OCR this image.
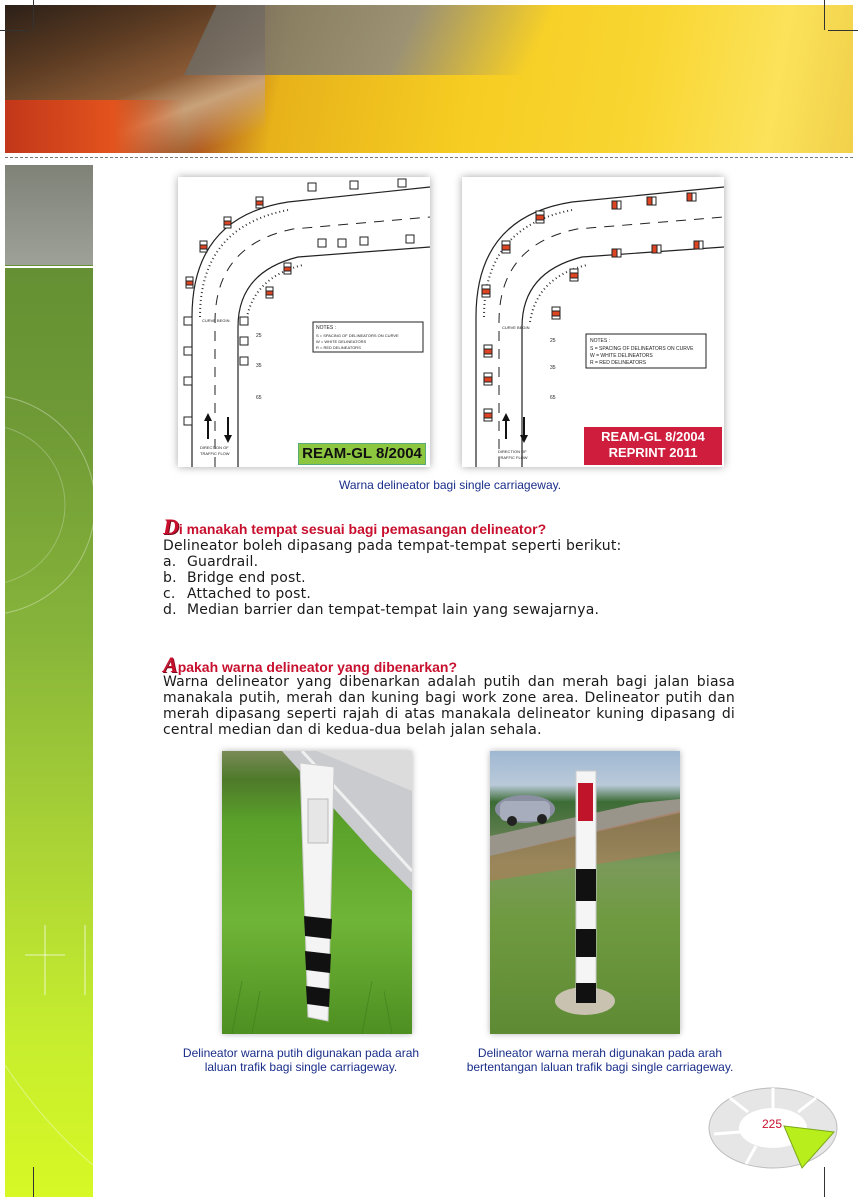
NOTES :
S = SPACING OF DELINEATORS ON CURVE
W = WHITE DELINEATORS
R = RED DELINEATORS
CURVE BEGIN
DIRECTION OF
TRAFFIC FLOW
25
35
65
REAM-GL 8/2004
NOTES :
S = SPACING OF DELINEATORS ON CURVE
W = WHITE DELINEATORS
R = RED DELINEATORS
CURVE BEGIN
DIRECTION OF
TRAFFIC FLOW
25
35
65
REAM-GL 8/2004
REPRINT 2011
Warna delineator bagi single carriageway.
Di manakah tempat sesuai bagi pemasangan delineator?
Delineator boleh dipasang pada tempat-tempat seperti berikut:
a. Guardrail.
b. Bridge end post.
c. Attached to post.
d. Median barrier dan tempat-tempat lain yang sewajarnya.
Apakah warna delineator yang dibenarkan?
Warna delineator yang dibenarkan adalah putih dan merah bagi jalan biasa manakala putih, merah dan kuning bagi work zone area. Delineator putih dan merah dipasang seperti rajah di atas manakala delineator kuning dipasang di central median dan di kedua-dua belah jalan sehala.
Delineator warna putih digunakan pada arah laluan trafik bagi single carriageway.
Delineator warna merah digunakan pada arah bertentangan laluan trafik bagi single carriageway.
225
